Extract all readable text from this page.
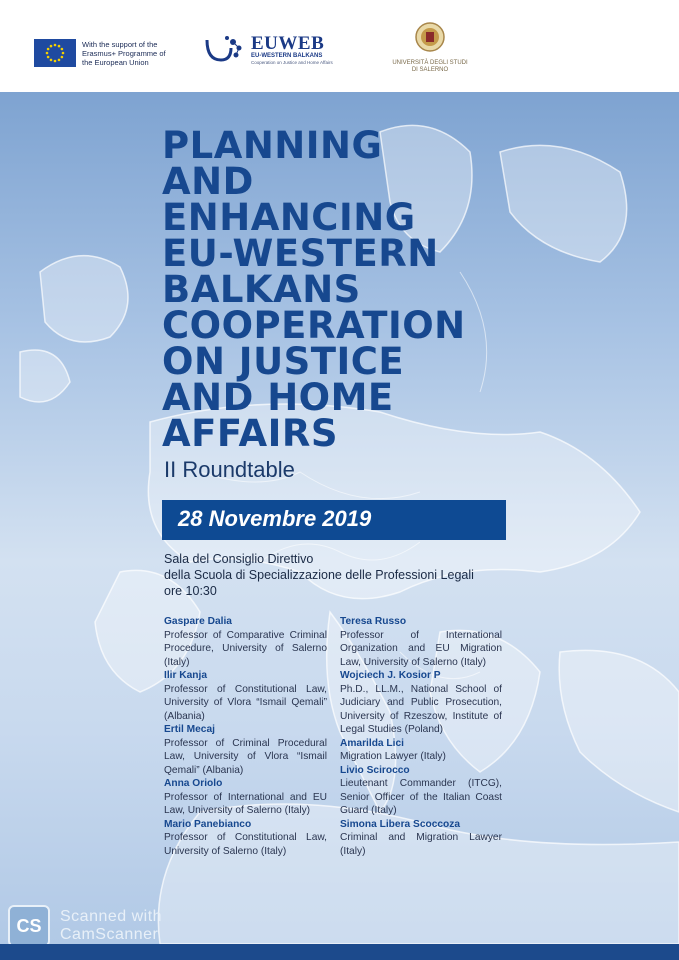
With the support of the Erasmus+ Programme of the European Union
EUWEB
EU-WESTERN BALKANS
Cooperation on Justice and Home Affairs	UNIVERSITÀ DEGLI STUDI
DI SALERNO
PLANNING
AND
ENHANCING
EU-WESTERN
BALKANS
COOPERATION
ON JUSTICE
AND HOME
AFFAIRS
II Roundtable
28 Novembre 2019
Sala del Consiglio Direttivo
della Scuola di Specializzazione delle Professioni Legali
ore 10:30
Gaspare Dalia
Professor of Comparative Criminal Procedure, University of Salerno (Italy)
Ilir Kanja
Professor of Constitutional Law, University of Vlora “Ismail Qemali” (Albania)
Ertil Mecaj
Professor of Criminal Procedural Law, University of Vlora “Ismail Qemali” (Albania)
Anna Oriolo
Professor of International and EU Law, University of Salerno (Italy)
Mario Panebianco
Professor of Constitutional Law, University of Salerno (Italy)
Teresa Russo
Professor of International Organization and EU Migration Law, University of Salerno (Italy)
Wojciech J. Kosior P
Ph.D., LL.M., National School of Judiciary and Public Prosecution, University of Rzeszow, Institute of Legal Studies (Poland)
Amarilda Lici
Migration Lawyer (Italy)
Livio Scirocco
Lieutenant Commander (ITCG), Senior Officer of the Italian Coast Guard (Italy)
Simona Libera Scoccoza
Criminal and Migration Lawyer (Italy)
CS	Scanned with
CamScanner
